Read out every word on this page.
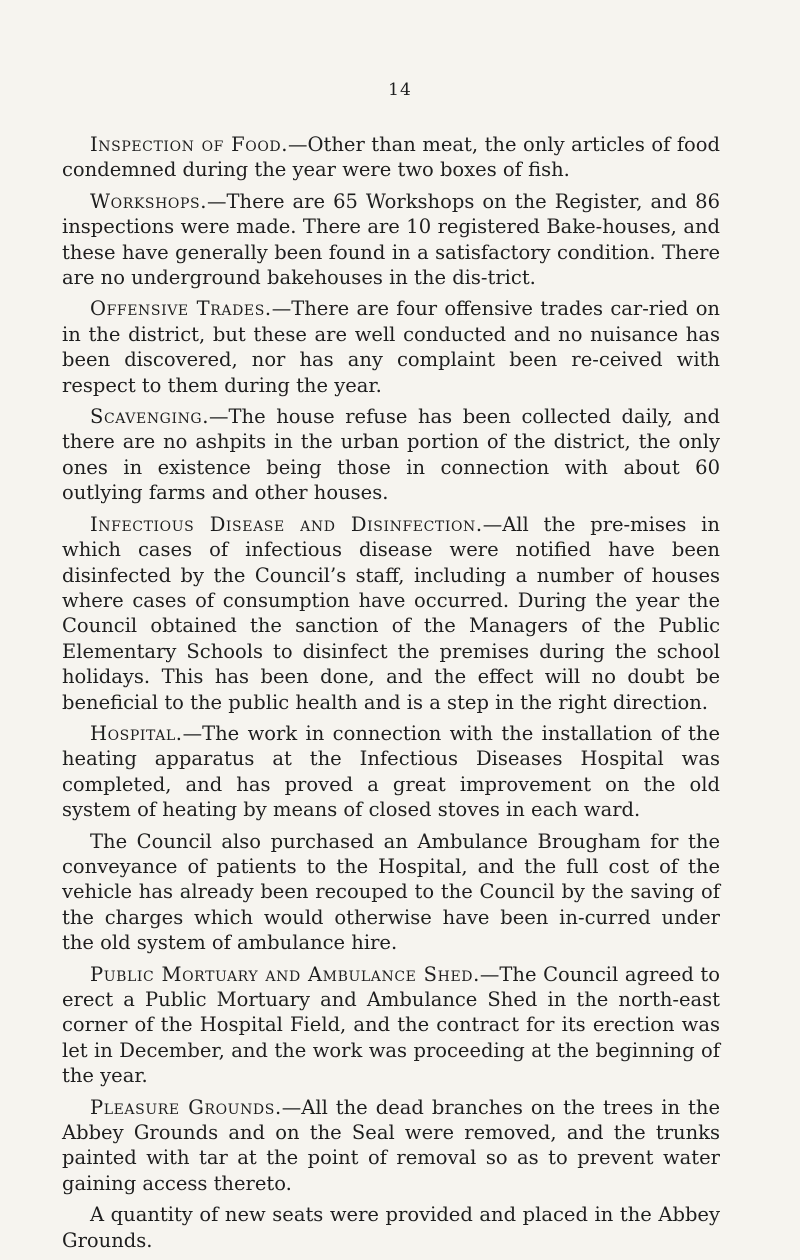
14

Inspection of Food.—Other than meat, the only articles of food condemned during the year were two boxes of fish.

Workshops.—There are 65 Workshops on the Register, and 86 inspections were made. There are 10 registered Bake-houses, and these have generally been found in a satisfactory condition. There are no underground bakehouses in the dis-trict.

Offensive Trades.—There are four offensive trades car-ried on in the district, but these are well conducted and no nuisance has been discovered, nor has any complaint been re-ceived with respect to them during the year.

Scavenging.—The house refuse has been collected daily, and there are no ashpits in the urban portion of the district, the only ones in existence being those in connection with about 60 outlying farms and other houses.

Infectious Disease and Disinfection.—All the pre-mises in which cases of infectious disease were notified have been disinfected by the Council’s staff, including a number of houses where cases of consumption have occurred. During the year the Council obtained the sanction of the Managers of the Public Elementary Schools to disinfect the premises during the school holidays. This has been done, and the effect will no doubt be beneficial to the public health and is a step in the right direction.

Hospital.—The work in connection with the installation of the heating apparatus at the Infectious Diseases Hospital was completed, and has proved a great improvement on the old system of heating by means of closed stoves in each ward.

The Council also purchased an Ambulance Brougham for the conveyance of patients to the Hospital, and the full cost of the vehicle has already been recouped to the Council by the saving of the charges which would otherwise have been in-curred under the old system of ambulance hire.

Public Mortuary and Ambulance Shed.—The Council agreed to erect a Public Mortuary and Ambulance Shed in the north-east corner of the Hospital Field, and the contract for its erection was let in December, and the work was proceeding at the beginning of the year.

Pleasure Grounds.—All the dead branches on the trees in the Abbey Grounds and on the Seal were removed, and the trunks painted with tar at the point of removal so as to prevent water gaining access thereto.

A quantity of new seats were provided and placed in the Abbey Grounds.
